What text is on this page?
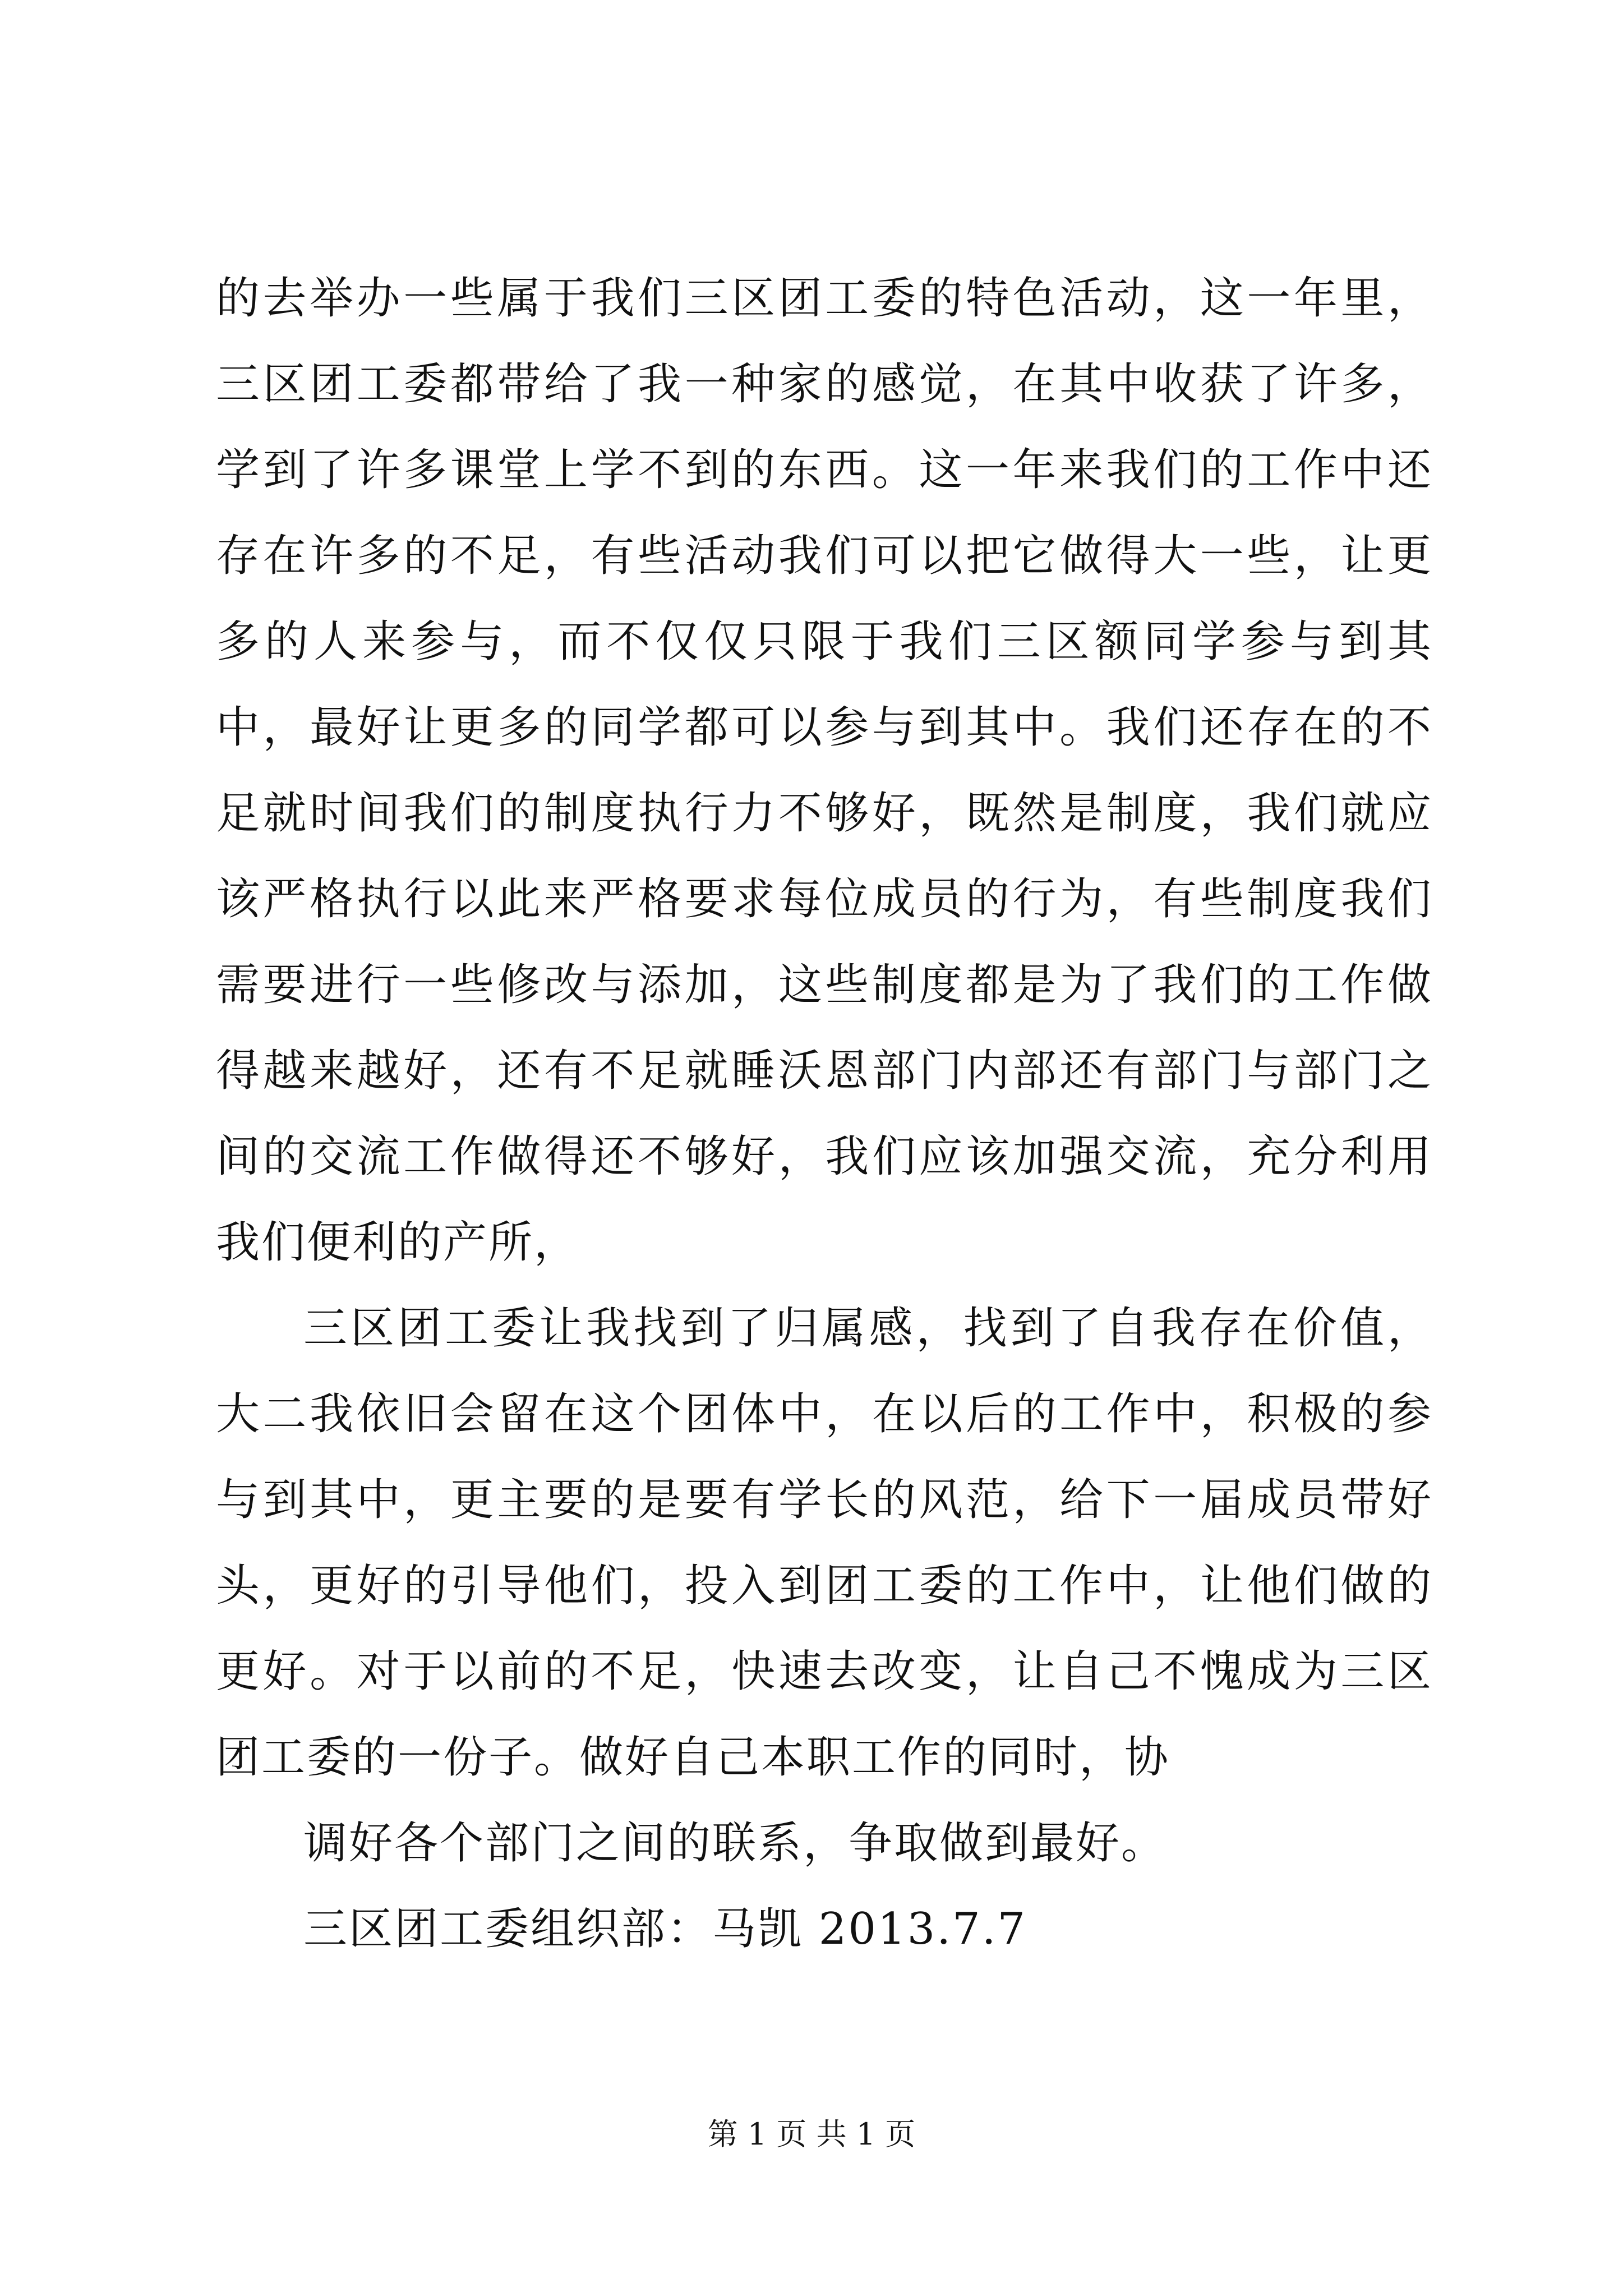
的去举办一些属于我们三区团工委的特色活动，这一年里，三区团工委都带给了我一种家的感觉，在其中收获了许多，学到了许多课堂上学不到的东西。这一年来我们的工作中还存在许多的不足，有些活动我们可以把它做得大一些，让更多的人来参与，而不仅仅只限于我们三区额同学参与到其中，最好让更多的同学都可以参与到其中。我们还存在的不足就时间我们的制度执行力不够好，既然是制度，我们就应该严格执行以此来严格要求每位成员的行为，有些制度我们需要进行一些修改与添加，这些制度都是为了我们的工作做得越来越好，还有不足就睡沃恩部门内部还有部门与部门之间的交流工作做得还不够好，我们应该加强交流，充分利用我们便利的产所，

三区团工委让我找到了归属感，找到了自我存在价值，大二我依旧会留在这个团体中，在以后的工作中，积极的参与到其中，更主要的是要有学长的风范，给下一届成员带好头，更好的引导他们，投入到团工委的工作中，让他们做的更好。对于以前的不足，快速去改变，让自己不愧成为三区团工委的一份子。做好自己本职工作的同时，协

调好各个部门之间的联系，争取做到最好。

三区团工委组织部：马凯 2013.7.7

第 1 页 共 1 页
